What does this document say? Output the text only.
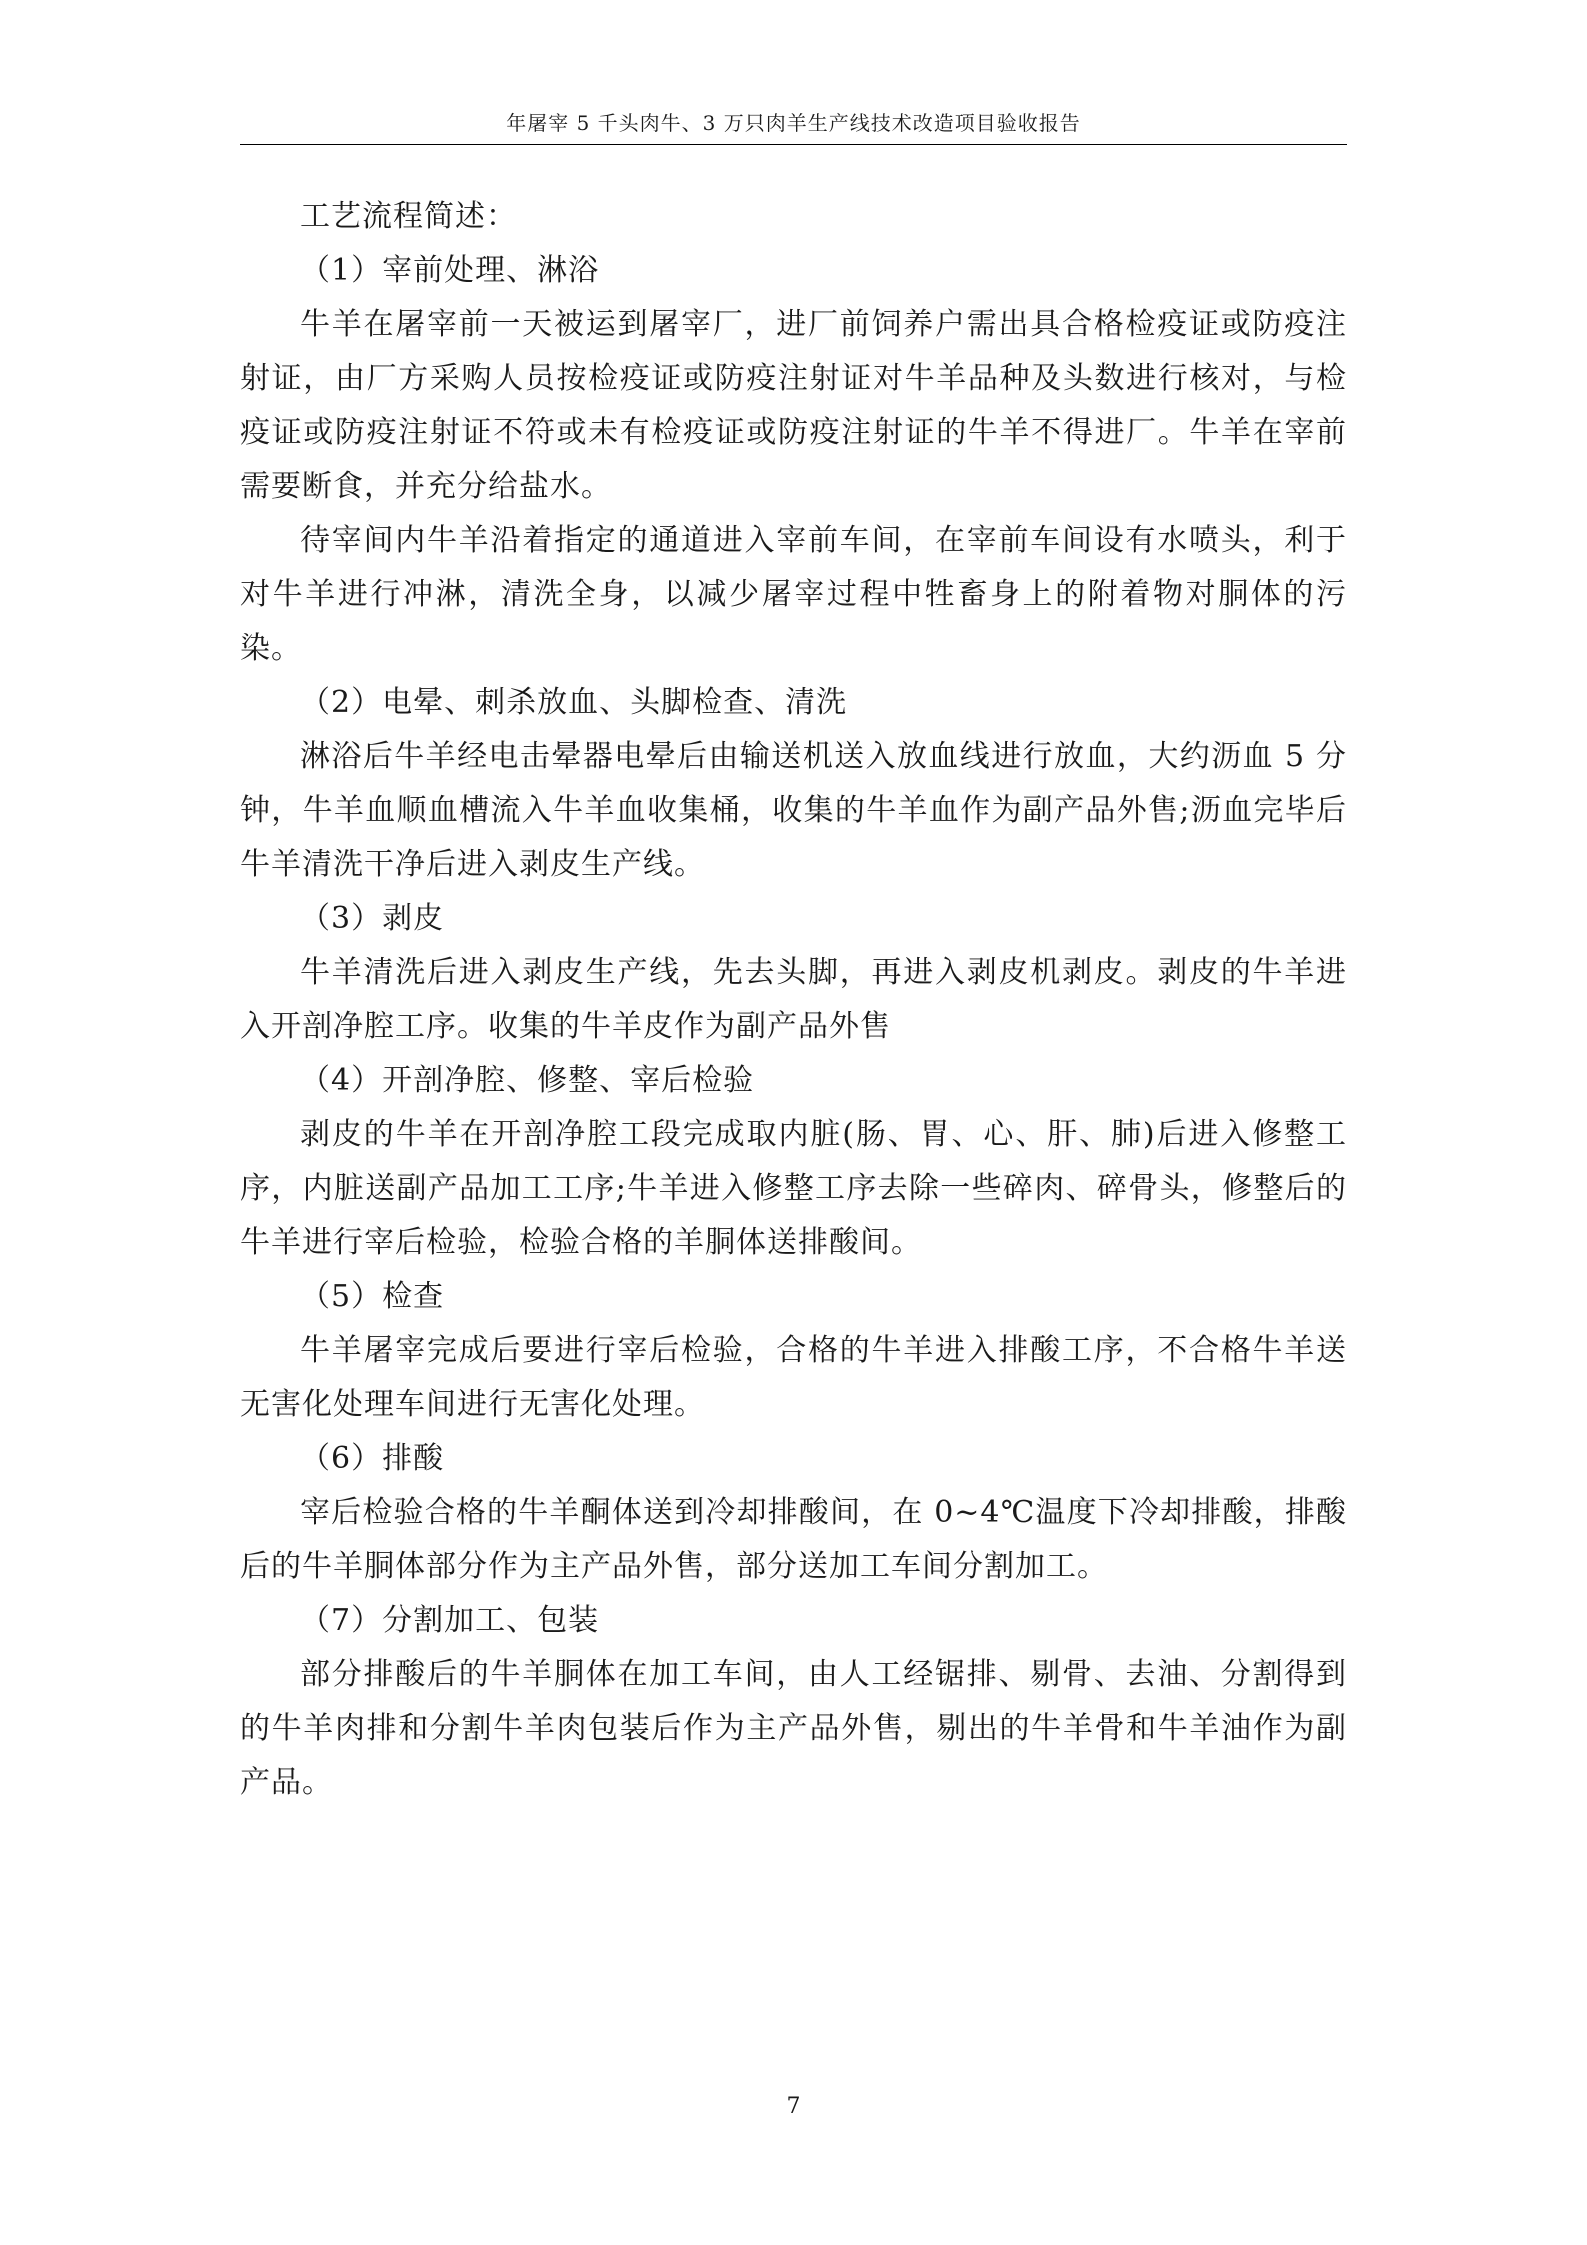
年屠宰 5 千头肉牛、3 万只肉羊生产线技术改造项目验收报告

工艺流程简述：

（1）宰前处理、淋浴

牛羊在屠宰前一天被运到屠宰厂，进厂前饲养户需出具合格检疫证或防疫注射证，由厂方采购人员按检疫证或防疫注射证对牛羊品种及头数进行核对，与检疫证或防疫注射证不符或未有检疫证或防疫注射证的牛羊不得进厂。牛羊在宰前需要断食，并充分给盐水。

待宰间内牛羊沿着指定的通道进入宰前车间，在宰前车间设有水喷头，利于对牛羊进行冲淋，清洗全身，以减少屠宰过程中牲畜身上的附着物对胴体的污染。

（2）电晕、刺杀放血、头脚检查、清洗

淋浴后牛羊经电击晕器电晕后由输送机送入放血线进行放血，大约沥血 5 分钟，牛羊血顺血槽流入牛羊血收集桶，收集的牛羊血作为副产品外售;沥血完毕后牛羊清洗干净后进入剥皮生产线。

（3）剥皮

牛羊清洗后进入剥皮生产线，先去头脚，再进入剥皮机剥皮。剥皮的牛羊进入开剖净腔工序。收集的牛羊皮作为副产品外售

（4）开剖净腔、修整、宰后检验

剥皮的牛羊在开剖净腔工段完成取内脏(肠、胃、心、肝、肺)后进入修整工序，内脏送副产品加工工序;牛羊进入修整工序去除一些碎肉、碎骨头，修整后的牛羊进行宰后检验，检验合格的羊胴体送排酸间。

（5）检查

牛羊屠宰完成后要进行宰后检验，合格的牛羊进入排酸工序，不合格牛羊送无害化处理车间进行无害化处理。

（6）排酸

宰后检验合格的牛羊酮体送到冷却排酸间，在 0~4℃温度下冷却排酸，排酸后的牛羊胴体部分作为主产品外售，部分送加工车间分割加工。

（7）分割加工、包装

部分排酸后的牛羊胴体在加工车间，由人工经锯排、剔骨、去油、分割得到的牛羊肉排和分割牛羊肉包装后作为主产品外售，剔出的牛羊骨和牛羊油作为副产品。

7
